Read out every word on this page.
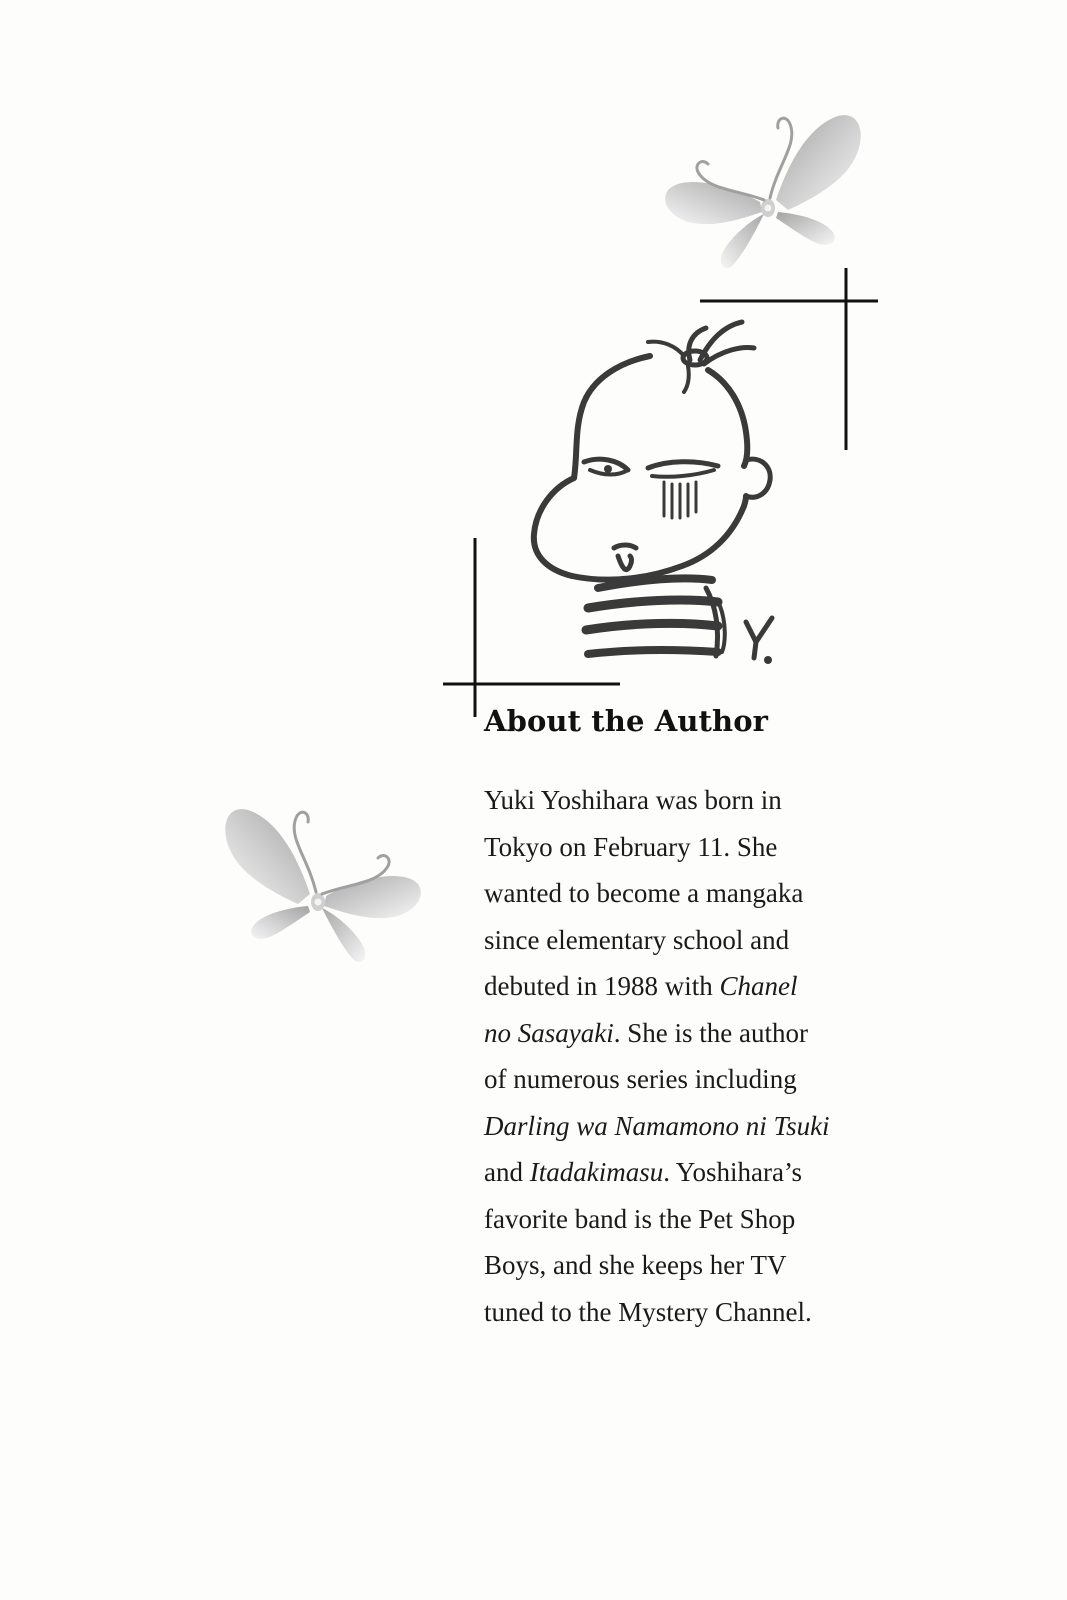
About the Author
Yuki Yoshihara was born in
Tokyo on February 11. She
wanted to become a mangaka
since elementary school and
debuted in 1988 with Chanel
no Sasayaki. She is the author
of numerous series including
Darling wa Namamono ni Tsuki
and Itadakimasu. Yoshihara’s
favorite band is the Pet Shop
Boys, and she keeps her TV
tuned to the Mystery Channel.
